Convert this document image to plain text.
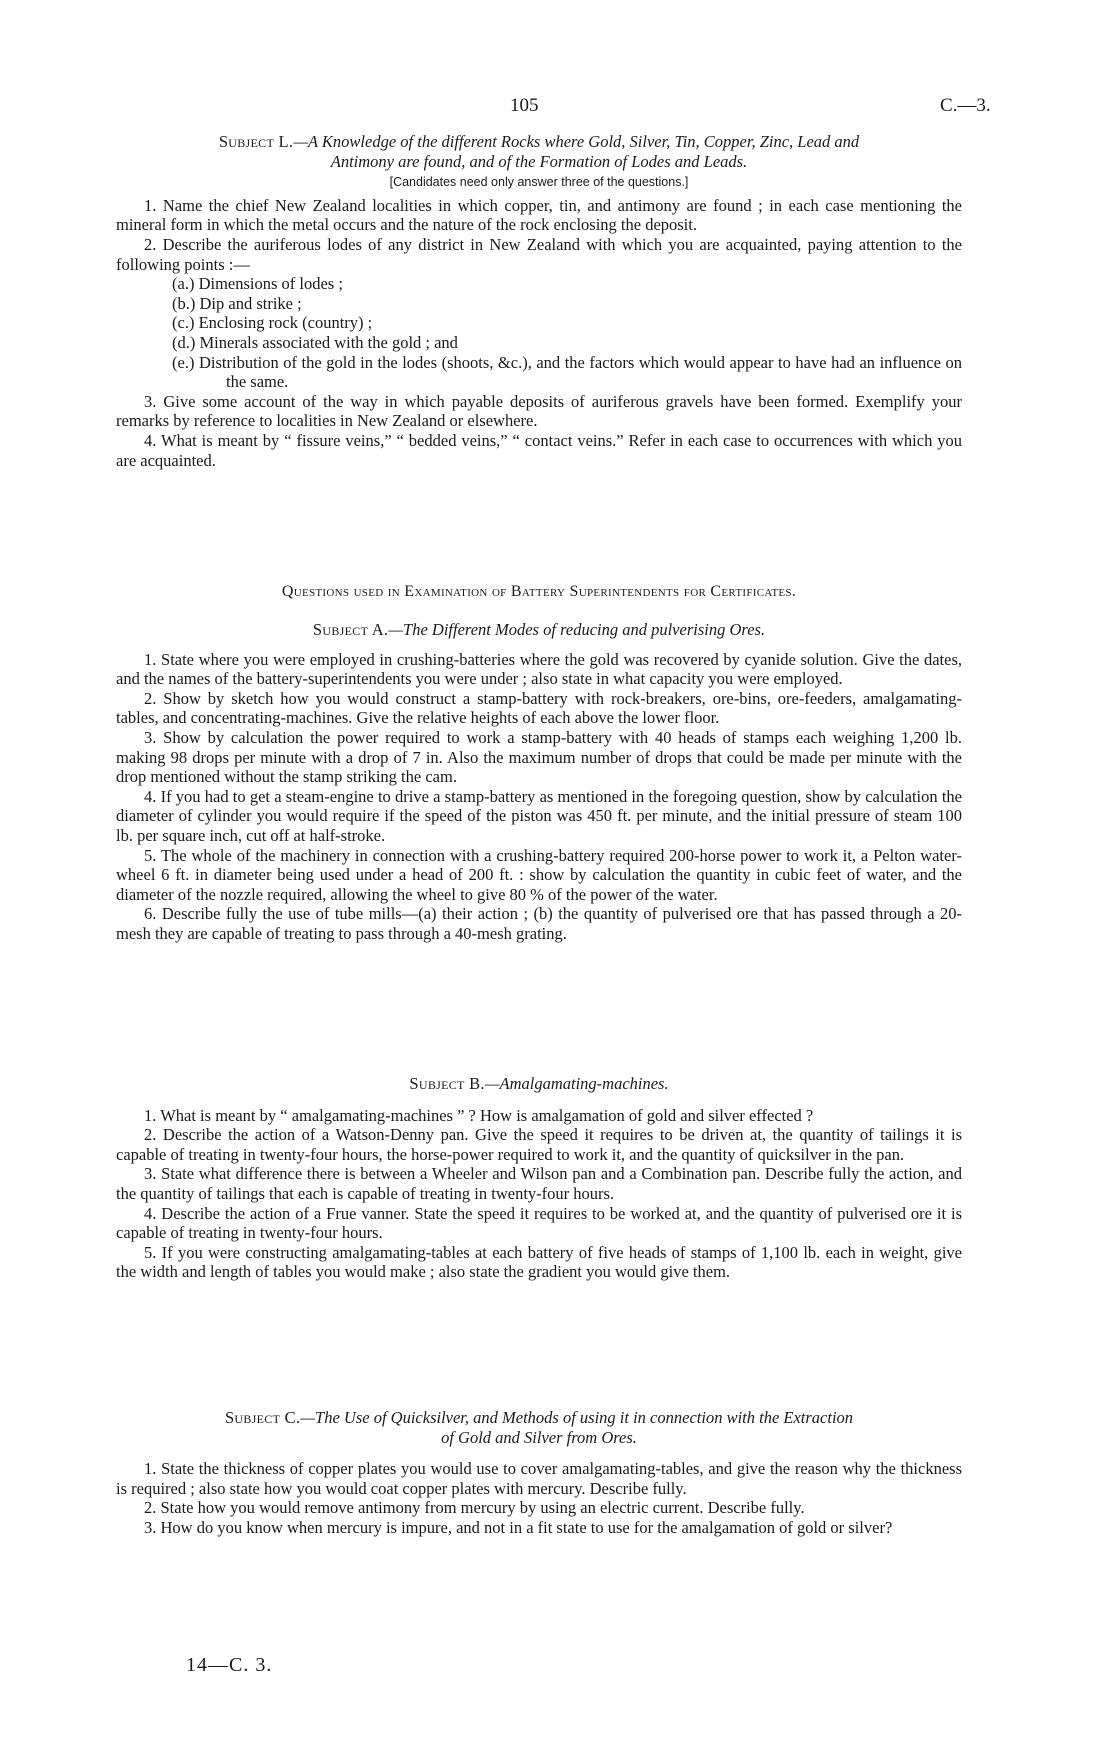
105	C.—3.

Subject L.—A Knowledge of the different Rocks where Gold, Silver, Tin, Copper, Zinc, Lead and
Antimony are found, and of the Formation of Lodes and Leads.

[Candidates need only answer three of the questions.]

1. Name the chief New Zealand localities in which copper, tin, and antimony are found ; in each case mentioning the mineral form in which the metal occurs and the nature of the rock enclosing the deposit.

2. Describe the auriferous lodes of any district in New Zealand with which you are acquainted, paying attention to the following points :—

(a.) Dimensions of lodes ;
(b.) Dip and strike ;
(c.) Enclosing rock (country) ;
(d.) Minerals associated with the gold ; and
(e.) Distribution of the gold in the lodes (shoots, &c.), and the factors which would appear to have had an influence on the same.

3. Give some account of the way in which payable deposits of auriferous gravels have been formed. Exemplify your remarks by reference to localities in New Zealand or elsewhere.

4. What is meant by “ fissure veins,” “ bedded veins,” “ contact veins.” Refer in each case to occurrences with which you are acquainted.

Questions used in Examination of Battery Superintendents for Certificates.

Subject A.—The Different Modes of reducing and pulverising Ores.

1. State where you were employed in crushing-batteries where the gold was recovered by cyanide solution. Give the dates, and the names of the battery-superintendents you were under ; also state in what capacity you were employed.

2. Show by sketch how you would construct a stamp-battery with rock-breakers, ore-bins, ore-feeders, amalgamating-tables, and concentrating-machines. Give the relative heights of each above the lower floor.

3. Show by calculation the power required to work a stamp-battery with 40 heads of stamps each weighing 1,200 lb. making 98 drops per minute with a drop of 7 in. Also the maximum number of drops that could be made per minute with the drop mentioned without the stamp striking the cam.

4. If you had to get a steam-engine to drive a stamp-battery as mentioned in the foregoing question, show by calculation the diameter of cylinder you would require if the speed of the piston was 450 ft. per minute, and the initial pressure of steam 100 lb. per square inch, cut off at half-stroke.

5. The whole of the machinery in connection with a crushing-battery required 200-horse power to work it, a Pelton water-wheel 6 ft. in diameter being used under a head of 200 ft. : show by calculation the quantity in cubic feet of water, and the diameter of the nozzle required, allowing the wheel to give 80 % of the power of the water.

6. Describe fully the use of tube mills—(a) their action ; (b) the quantity of pulverised ore that has passed through a 20-mesh they are capable of treating to pass through a 40-mesh grating.

Subject B.—Amalgamating-machines.

1. What is meant by “ amalgamating-machines ” ? How is amalgamation of gold and silver effected ?

2. Describe the action of a Watson-Denny pan. Give the speed it requires to be driven at, the quantity of tailings it is capable of treating in twenty-four hours, the horse-power required to work it, and the quantity of quicksilver in the pan.

3. State what difference there is between a Wheeler and Wilson pan and a Combination pan. Describe fully the action, and the quantity of tailings that each is capable of treating in twenty-four hours.

4. Describe the action of a Frue vanner. State the speed it requires to be worked at, and the quantity of pulverised ore it is capable of treating in twenty-four hours.

5. If you were constructing amalgamating-tables at each battery of five heads of stamps of 1,100 lb. each in weight, give the width and length of tables you would make ; also state the gradient you would give them.

Subject C.—The Use of Quicksilver, and Methods of using it in connection with the Extraction
of Gold and Silver from Ores.

1. State the thickness of copper plates you would use to cover amalgamating-tables, and give the reason why the thickness is required ; also state how you would coat copper plates with mercury. Describe fully.

2. State how you would remove antimony from mercury by using an electric current. Describe fully.

3. How do you know when mercury is impure, and not in a fit state to use for the amalgamation of gold or silver?

14—C. 3.
